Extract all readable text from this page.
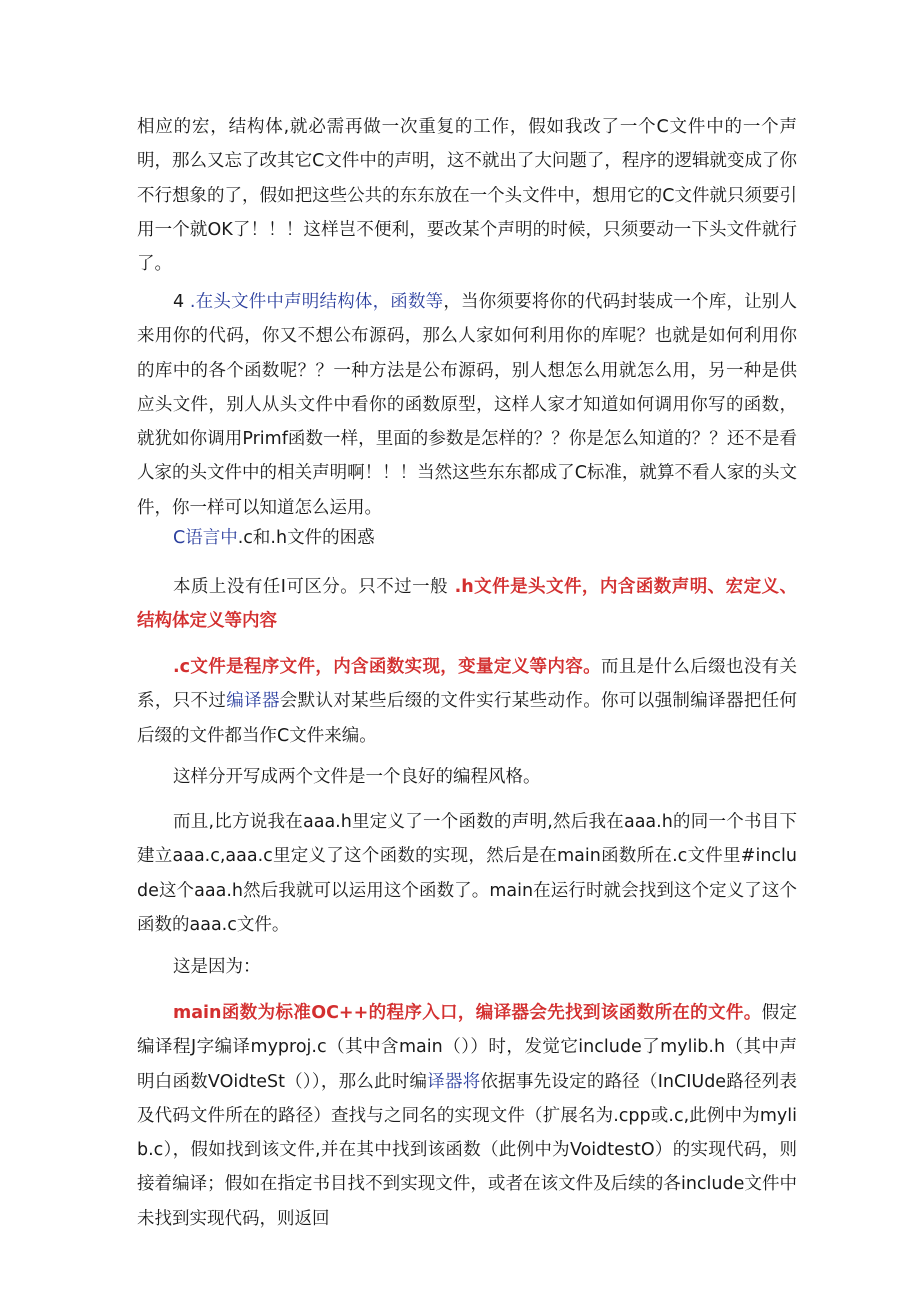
相应的宏，结构体,就必需再做一次重复的工作，假如我改了一个C文件中的一个声明，那么又忘了改其它C文件中的声明，这不就出了大问题了，程序的逻辑就变成了你不行想象的了，假如把这些公共的东东放在一个头文件中，想用它的C文件就只须要引用一个就OK了！！！这样岂不便利，要改某个声明的时候，只须要动一下头文件就行了。

4 .在头文件中声明结构体，函数等，当你须要将你的代码封装成一个库，让别人来用你的代码，你又不想公布源码，那么人家如何利用你的库呢？也就是如何利用你的库中的各个函数呢？？一种方法是公布源码，别人想怎么用就怎么用，另一种是供应头文件，别人从头文件中看你的函数原型，这样人家才知道如何调用你写的函数，就犹如你调用Primf函数一样，里面的参数是怎样的？？你是怎么知道的？？还不是看人家的头文件中的相关声明啊！！！当然这些东东都成了C标准，就算不看人家的头文件，你一样可以知道怎么运用。

C语言中.c和.h文件的困惑

本质上没有任I可区分。只不过一般 .h文件是头文件，内含函数声明、宏定义、结构体定义等内容

.c文件是程序文件，内含函数实现，变量定义等内容。而且是什么后缀也没有关系，只不过编译器会默认对某些后缀的文件实行某些动作。你可以强制编译器把任何后缀的文件都当作C文件来编。

这样分开写成两个文件是一个良好的编程风格。

而且,比方说我在aaa.h里定义了一个函数的声明,然后我在aaa.h的同一个书目下建立aaa.c,aaa.c里定义了这个函数的实现，然后是在main函数所在.c文件里#include这个aaa.h然后我就可以运用这个函数了。main在运行时就会找到这个定义了这个函数的aaa.c文件。

这是因为：

main函数为标准OC++的程序入口，编译器会先找到该函数所在的文件。假定编译程J字编译myproj.c（其中含main（））时，发觉它include了mylib.h（其中声明白函数VOidteSt（）），那么此时编译器将依据事先设定的路径（InCIUde路径列表及代码文件所在的路径）查找与之同名的实现文件（扩展名为.cpp或.c,此例中为mylib.c），假如找到该文件,并在其中找到该函数（此例中为VoidtestO）的实现代码，则接着编译；假如在指定书目找不到实现文件，或者在该文件及后续的各include文件中未找到实现代码，则返回
